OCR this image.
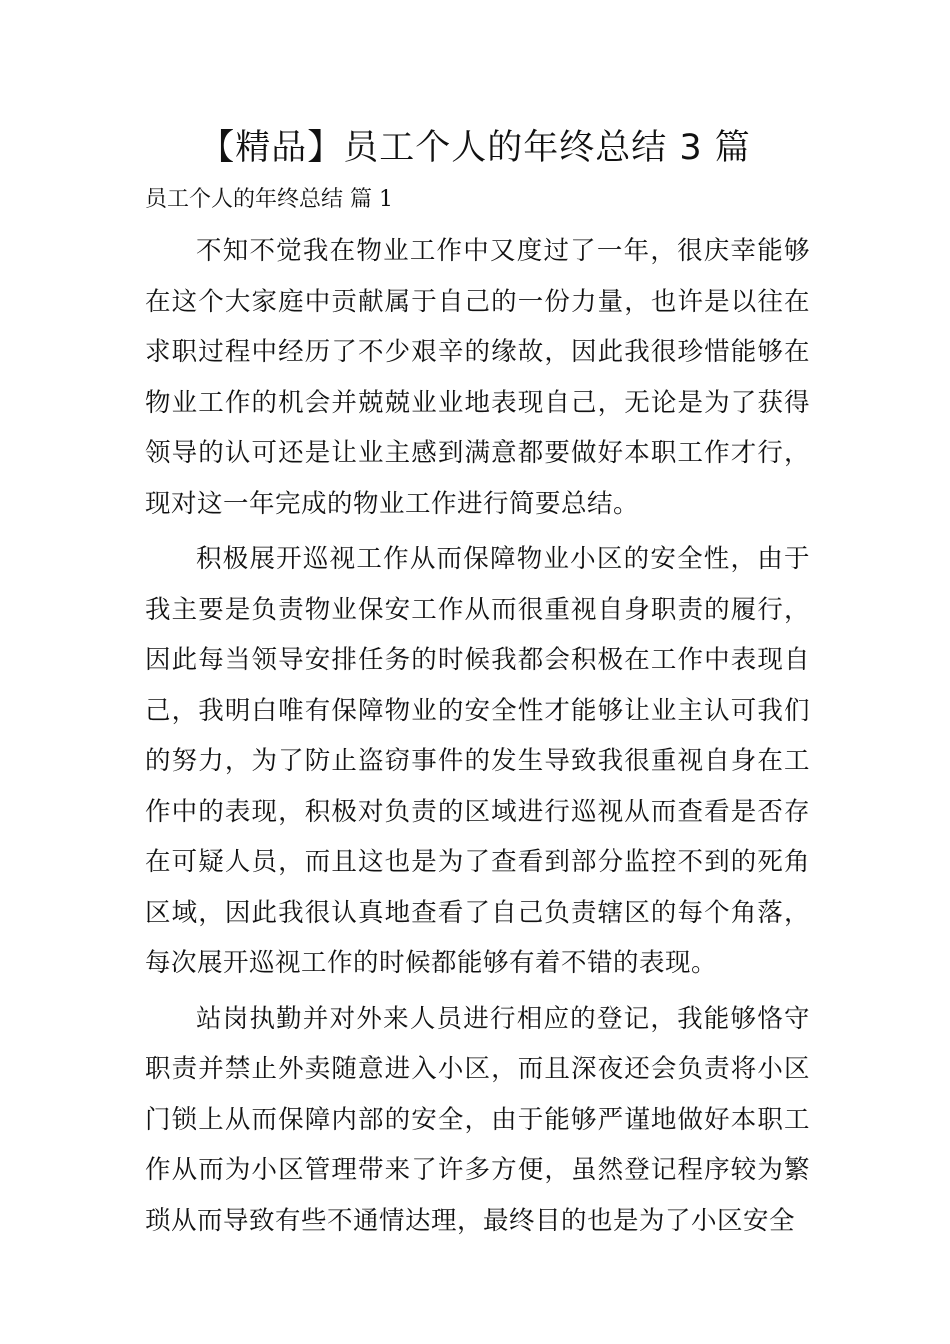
【精品】员工个人的年终总结 3 篇
员工个人的年终总结 篇 1

不知不觉我在物业工作中又度过了一年，很庆幸能够在这个大家庭中贡献属于自己的一份力量，也许是以往在求职过程中经历了不少艰辛的缘故，因此我很珍惜能够在物业工作的机会并兢兢业业地表现自己，无论是为了获得领导的认可还是让业主感到满意都要做好本职工作才行，现对这一年完成的物业工作进行简要总结。

积极展开巡视工作从而保障物业小区的安全性，由于我主要是负责物业保安工作从而很重视自身职责的履行，因此每当领导安排任务的时候我都会积极在工作中表现自己，我明白唯有保障物业的安全性才能够让业主认可我们的努力，为了防止盗窃事件的发生导致我很重视自身在工作中的表现，积极对负责的区域进行巡视从而查看是否存在可疑人员，而且这也是为了查看到部分监控不到的死角区域，因此我很认真地查看了自己负责辖区的每个角落，每次展开巡视工作的时候都能够有着不错的表现。

站岗执勤并对外来人员进行相应的登记，我能够恪守职责并禁止外卖随意进入小区，而且深夜还会负责将小区门锁上从而保障内部的安全，由于能够严谨地做好本职工作从而为小区管理带来了许多方便，虽然登记程序较为繁琐从而导致有些不通情达理，最终目的也是为了小区安全
